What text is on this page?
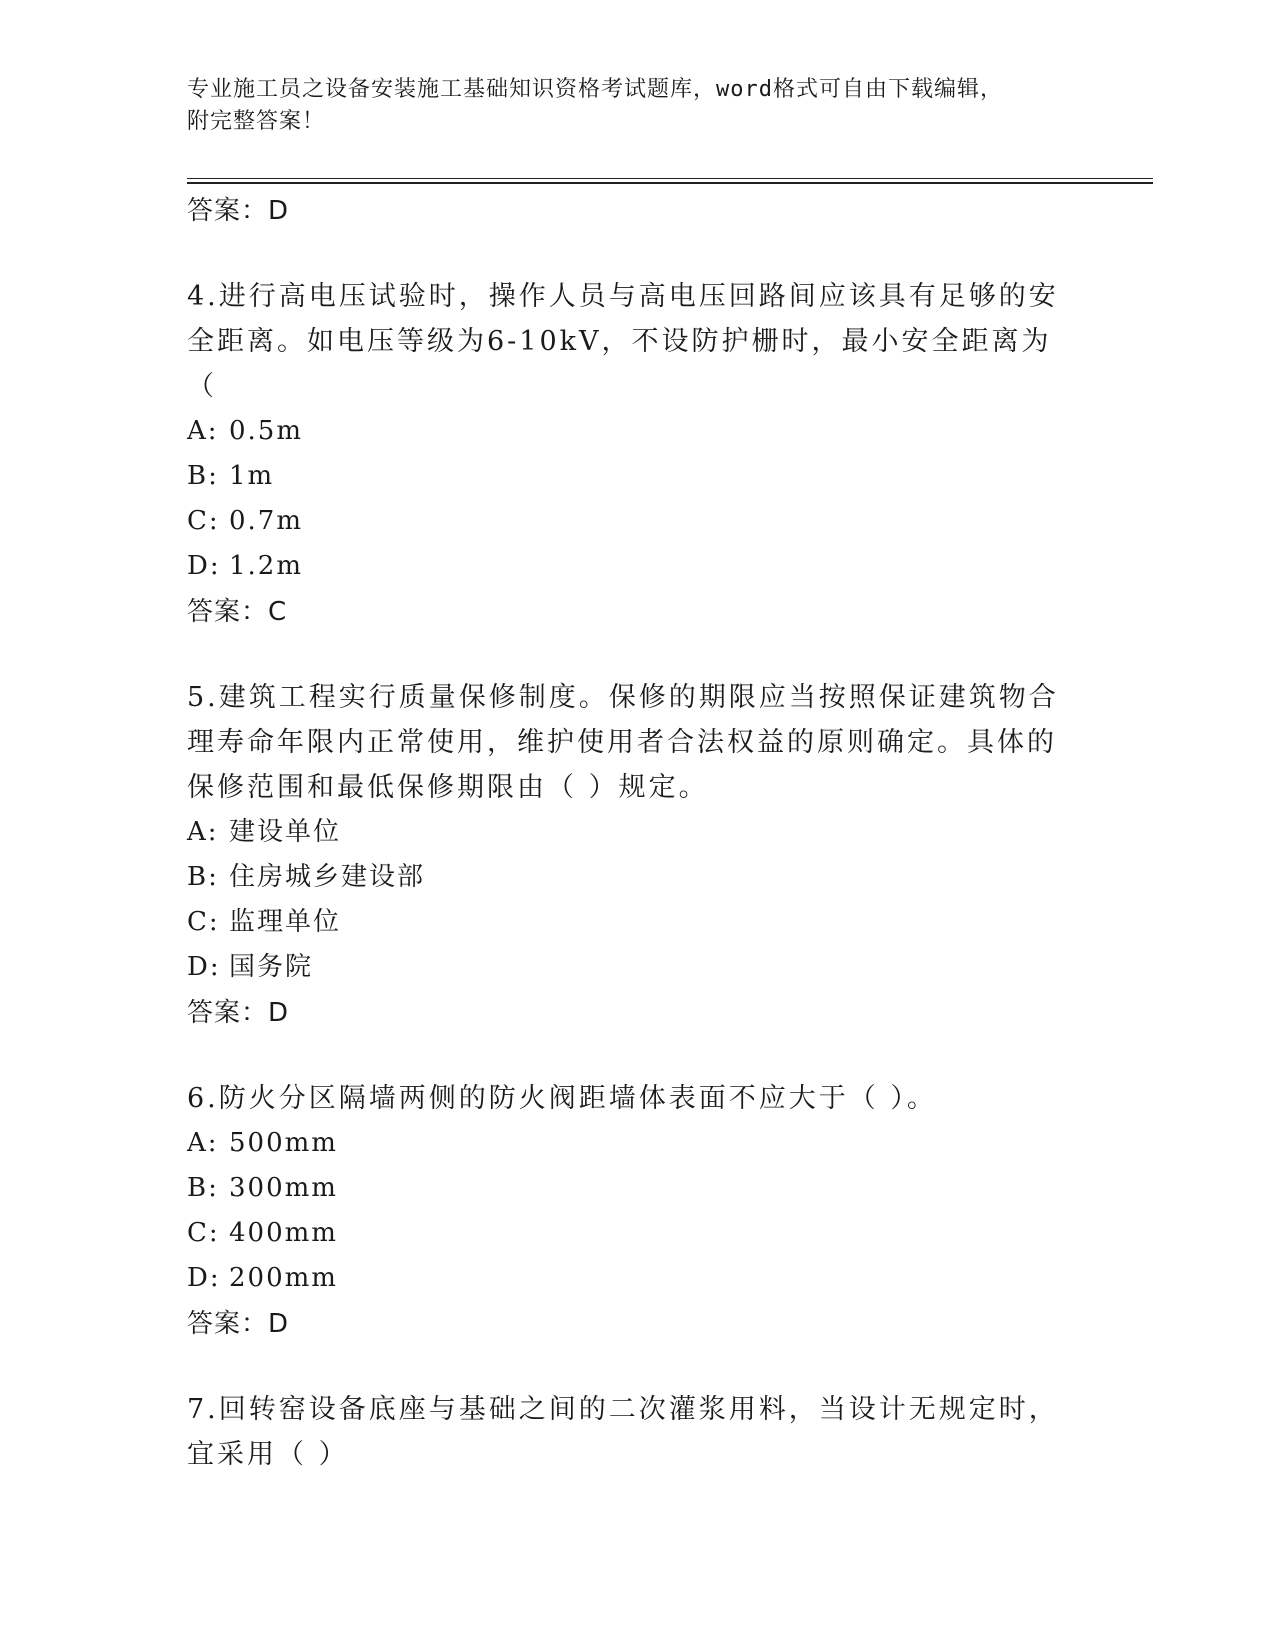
专业施工员之设备安装施工基础知识资格考试题库，word格式可自由下载编辑，
附完整答案！
答案：D

4.进行高电压试验时，操作人员与高电压回路间应该具有足够的安全距离。如电压等级为6-10kV，不设防护栅时，最小安全距离为（

A: 0.5m
B: 1m
C: 0.7m
D: 1.2m
答案：C

5.建筑工程实行质量保修制度。保修的期限应当按照保证建筑物合理寿命年限内正常使用，维护使用者合法权益的原则确定。具体的保修范围和最低保修期限由（ ）规定。

A: 建设单位
B: 住房城乡建设部
C: 监理单位
D: 国务院
答案：D

6.防火分区隔墙两侧的防火阀距墙体表面不应大于（ ）。

A: 500mm
B: 300mm
C: 400mm
D: 200mm
答案：D

7.回转窑设备底座与基础之间的二次灌浆用料，当设计无规定时，宜采用（ ）
